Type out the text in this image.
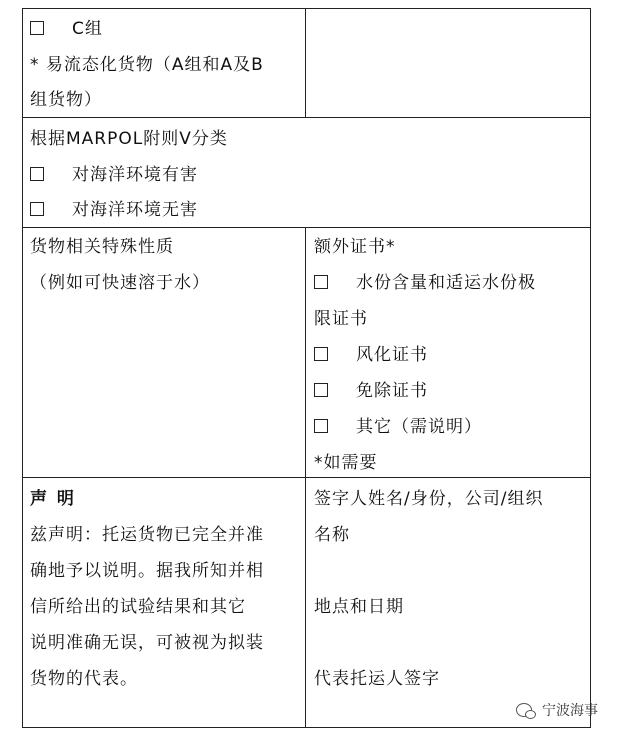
C组
* 易流态化货物（A组和A及B
组货物）
根据MARPOL附则V分类
对海洋环境有害
对海洋环境无害
货物相关特殊性质
（例如可快速溶于水）
额外证书*
水份含量和适运水份极
限证书
风化证书
免除证书
其它（需说明）
*如需要
声 明
兹声明：托运货物已完全并准
确地予以说明。据我所知并相
信所给出的试验结果和其它
说明准确无误，可被视为拟装
货物的代表。
签字人姓名/身份，公司/组织
名称
地点和日期
代表托运人签字
宁波海事
